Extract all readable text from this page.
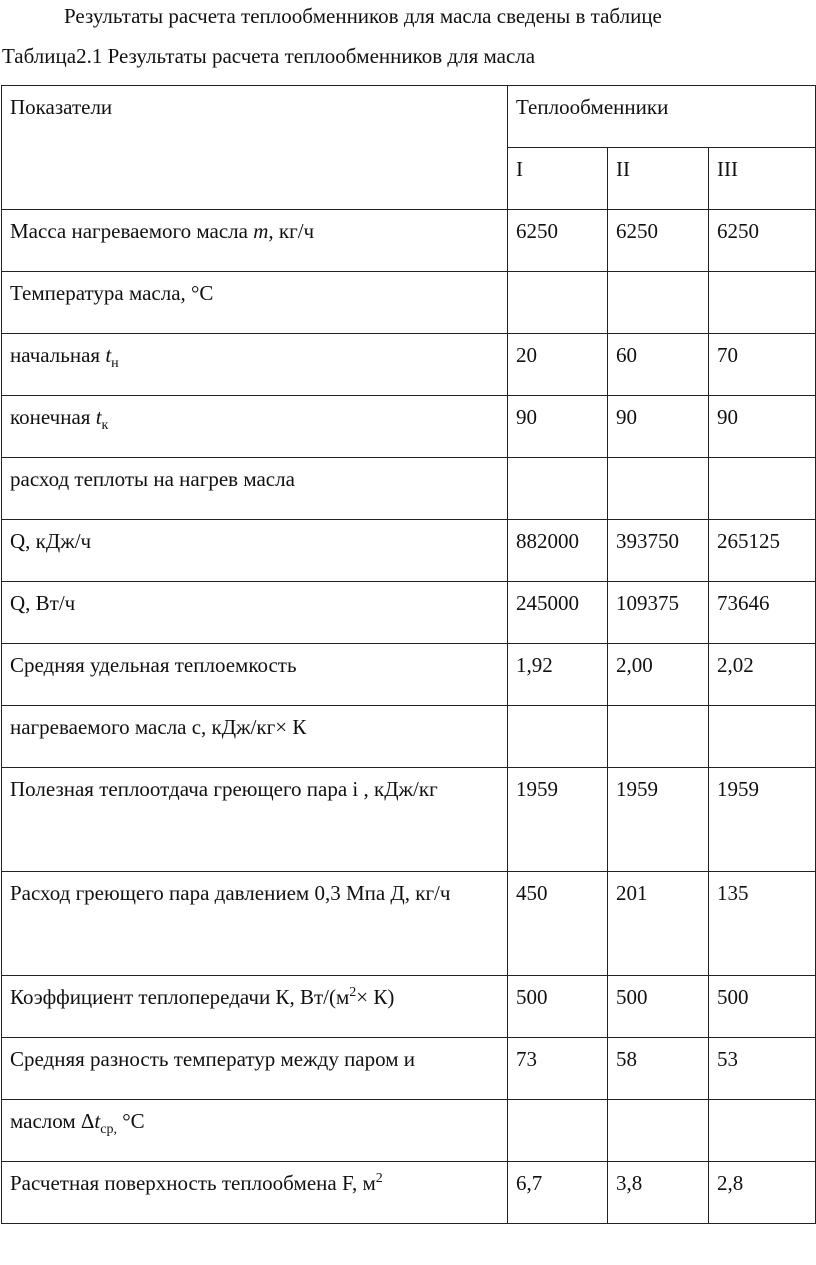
Результаты расчета теплообменников для масла сведены в таблице
Таблица2.1 Результаты расчета теплообменников для масла
Показатели	Теплообменники		
	I	II	III
Масса нагреваемого масла m, кг/ч	6250	6250	6250
Температура масла, °С			
начальная $t_н$	20	60	70
конечная $t_к$	90	90	90
расход теплоты на нагрев масла			
Q, кДж/ч	882000	393750	265125
Q, Вт/ч	245000	109375	73646
Средняя удельная теплоемкость	1,92	2,00	2,02
нагреваемого масла с, кДж/кг× К			
Полезная теплоотдача греющего пара i , кДж/кг	1959	1959	1959
Расход греющего пара давлением 0,3 Мпа Д, кг/ч	450	201	135
Коэффициент теплопередачи К, $Вт/(м^2\times К)$	500	500	500
Средняя разность температур между паром и	73	58	53
маслом $\Delta t_{ср,}$ °С			
Расчетная поверхность теплообмена F, $м^2$	6,7	3,8	2,8
